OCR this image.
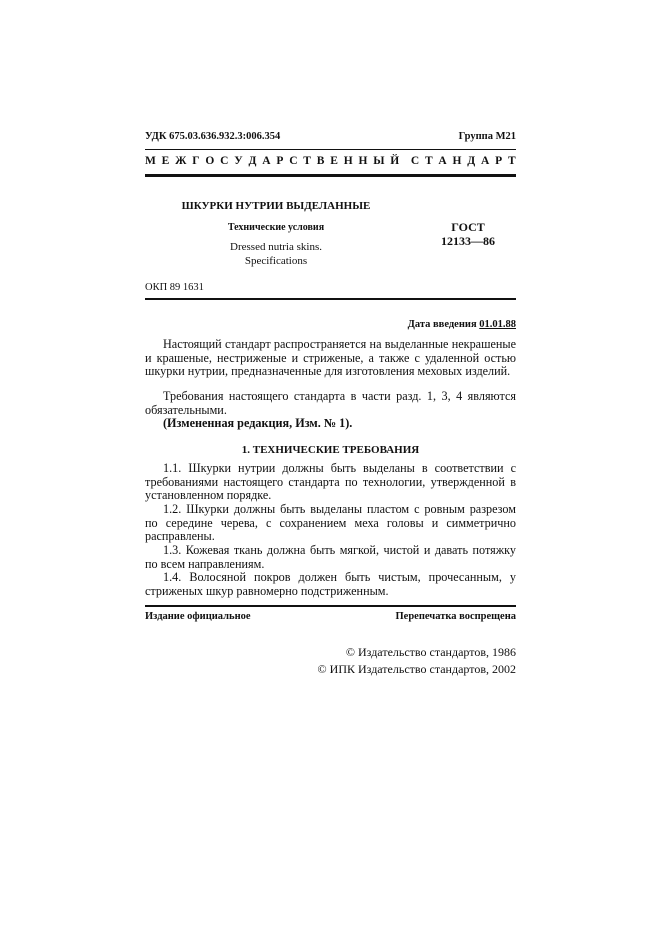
УДК 675.03.636.932.3:006.354	Группа М21
М Е Ж Г О С У Д А Р С Т В Е Н Н Ы Й С Т А Н Д А Р Т
ШКУРКИ НУТРИИ ВЫДЕЛАННЫЕ
Технические условия
Dressed nutria skins.
Specifications
ГОСТ
12133—86
ОКП 89 1631
Дата введения 01.01.88

Настоящий стандарт распространяется на выделанные некрашеные и крашеные, нестриженые и стриженые, а также с удаленной остью шкурки нутрии, предназначенные для изготовления меховых изделий.

Требования настоящего стандарта в части разд. 1, 3, 4 являются обязательными.

(Измененная редакция, Изм. № 1).

1. ТЕХНИЧЕСКИЕ ТРЕБОВАНИЯ

1.1. Шкурки нутрии должны быть выделаны в соответствии с требованиями настоящего стандарта по технологии, утвержденной в установленном порядке.

1.2. Шкурки должны быть выделаны пластом с ровным разрезом по середине черева, с сохранением меха головы и симметрично расправлены.

1.3. Кожевая ткань должна быть мягкой, чистой и давать потяжку по всем направлениям.

1.4. Волосяной покров должен быть чистым, прочесанным, у стриженых шкур равномерно подстриженным.

Издание официальное	Перепечатка воспрещена
© Издательство стандартов, 1986
© ИПК Издательство стандартов, 2002
